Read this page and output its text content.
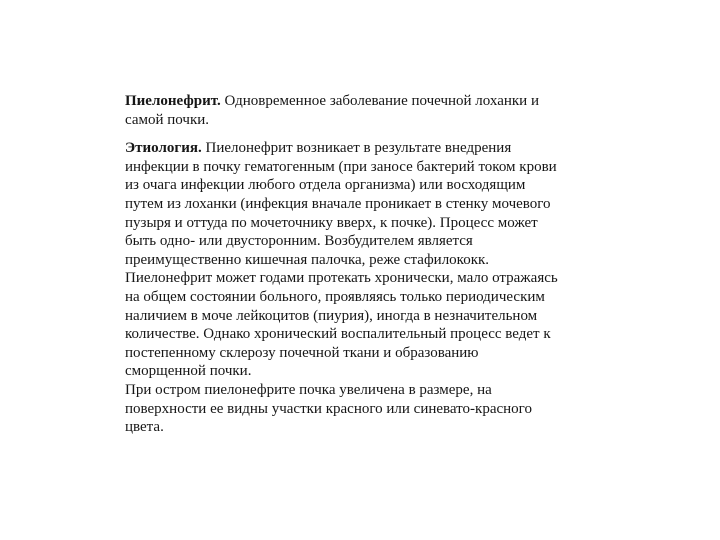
Пиелонефрит. Одновременное заболевание почечной лоханки и
самой почки.
Этиология. Пиелонефрит возникает в результате внедрения
инфекции в почку гематогенным (при заносе бактерий током крови
из очага инфекции любого отдела организма) или восходящим
путем из лоханки (инфекция вначале проникает в стенку мочевого
пузыря и оттуда по мочеточнику вверх, к почке). Процесс может
быть одно- или двусторонним. Возбудителем является
преимущественно кишечная палочка, реже стафилококк.
Пиелонефрит может годами протекать хронически, мало отражаясь
на общем состоянии больного, проявляясь только периодическим
наличием в моче лейкоцитов (пиурия), иногда в незначительном
количестве. Однако хронический воспалительный процесс ведет к
постепенному склерозу почечной ткани и образованию
сморщенной почки.
При остром пиелонефрите почка увеличена в размере, на
поверхности ее видны участки красного или синевато-красного
цвета.
